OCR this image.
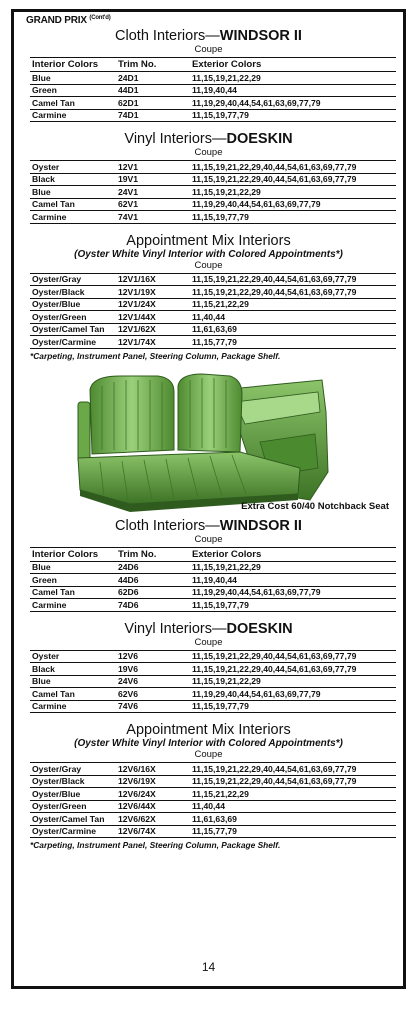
GRAND PRIX $^{(Cont'd)}$
Cloth Interiors—WINDSOR II
Coupe
Interior Colors	Trim No.	Exterior Colors
Blue	24D1	11,15,19,21,22,29
Green	44D1	11,19,40,44
Camel Tan	62D1	11,19,29,40,44,54,61,63,69,77,79
Carmine	74D1	11,15,19,77,79
Vinyl Interiors—DOESKIN
Coupe
Oyster	12V1	11,15,19,21,22,29,40,44,54,61,63,69,77,79
Black	19V1	11,15,19,21,22,29,40,44,54,61,63,69,77,79
Blue	24V1	11,15,19,21,22,29
Camel Tan	62V1	11,19,29,40,44,54,61,63,69,77,79
Carmine	74V1	11,15,19,77,79
Appointment Mix Interiors
(Oyster White Vinyl Interior with Colored Appointments*)
Coupe
Oyster/Gray	12V1/16X	11,15,19,21,22,29,40,44,54,61,63,69,77,79
Oyster/Black	12V1/19X	11,15,19,21,22,29,40,44,54,61,63,69,77,79
Oyster/Blue	12V1/24X	11,15,21,22,29
Oyster/Green	12V1/44X	11,40,44
Oyster/Camel Tan	12V1/62X	11,61,63,69
Oyster/Carmine	12V1/74X	11,15,77,79
*Carpeting, Instrument Panel, Steering Column, Package Shelf.
Extra Cost 60/40 Notchback Seat
Cloth Interiors—WINDSOR II
Coupe
Interior Colors	Trim No.	Exterior Colors
Blue	24D6	11,15,19,21,22,29
Green	44D6	11,19,40,44
Camel Tan	62D6	11,19,29,40,44,54,61,63,69,77,79
Carmine	74D6	11,15,19,77,79
Vinyl Interiors—DOESKIN
Coupe
Oyster	12V6	11,15,19,21,22,29,40,44,54,61,63,69,77,79
Black	19V6	11,15,19,21,22,29,40,44,54,61,63,69,77,79
Blue	24V6	11,15,19,21,22,29
Camel Tan	62V6	11,19,29,40,44,54,61,63,69,77,79
Carmine	74V6	11,15,19,77,79
Appointment Mix Interiors
(Oyster White Vinyl Interior with Colored Appointments*)
Coupe
Oyster/Gray	12V6/16X	11,15,19,21,22,29,40,44,54,61,63,69,77,79
Oyster/Black	12V6/19X	11,15,19,21,22,29,40,44,54,61,63,69,77,79
Oyster/Blue	12V6/24X	11,15,21,22,29
Oyster/Green	12V6/44X	11,40,44
Oyster/Camel Tan	12V6/62X	11,61,63,69
Oyster/Carmine	12V6/74X	11,15,77,79
*Carpeting, Instrument Panel, Steering Column, Package Shelf.
14
